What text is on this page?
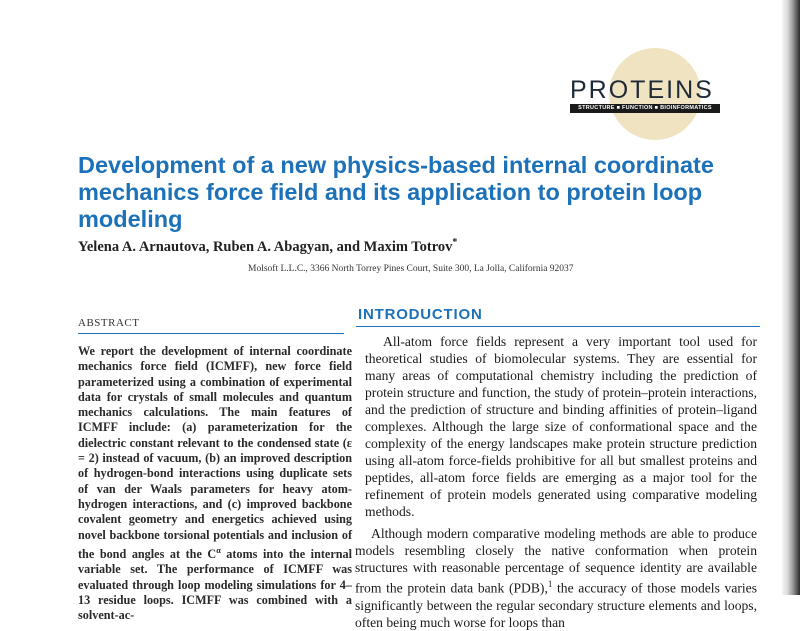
PROTEINS
STRUCTURE ■ FUNCTION ■ BIOINFORMATICS
Development of a new physics-based internal coordinate mechanics force field and its application to protein loop modeling
Yelena A. Arnautova, Ruben A. Abagyan, and Maxim Totrov*
Molsoft L.L.C., 3366 North Torrey Pines Court, Suite 300, La Jolla, California 92037
ABSTRACT
We report the development of internal coordinate mechanics force field (ICMFF), new force field parameterized using a combination of experimental data for crystals of small molecules and quantum mechanics calculations. The main features of ICMFF include: (a) parameterization for the dielectric constant relevant to the condensed state (ε = 2) instead of vacuum, (b) an improved description of hydrogen-bond interactions using duplicate sets of van der Waals parameters for heavy atom-hydrogen interactions, and (c) improved backbone covalent geometry and energetics achieved using novel backbone torsional potentials and inclusion of the bond angles at the $C^\alpha$ atoms into the internal variable set. The performance of ICMFF was evaluated through loop modeling simulations for 4–13 residue loops. ICMFF was combined with a solvent-ac-
INTRODUCTION

All-atom force fields represent a very important tool used for theoretical studies of biomolecular systems. They are essential for many areas of computational chemistry including the prediction of protein structure and function, the study of protein–protein interactions, and the prediction of structure and binding affinities of protein–ligand complexes. Although the large size of conformational space and the complexity of the energy landscapes make protein structure prediction using all-atom force-fields prohibitive for all but smallest proteins and peptides, all-atom force fields are emerging as a major tool for the refinement of protein models generated using comparative modeling methods.

Although modern comparative modeling methods are able to produce models resembling closely the native conformation when protein structures with reasonable percentage of sequence identity are available from the protein data bank (PDB),$^1$ the accuracy of those models varies significantly between the regular secondary structure elements and loops, often being much worse for loops than
